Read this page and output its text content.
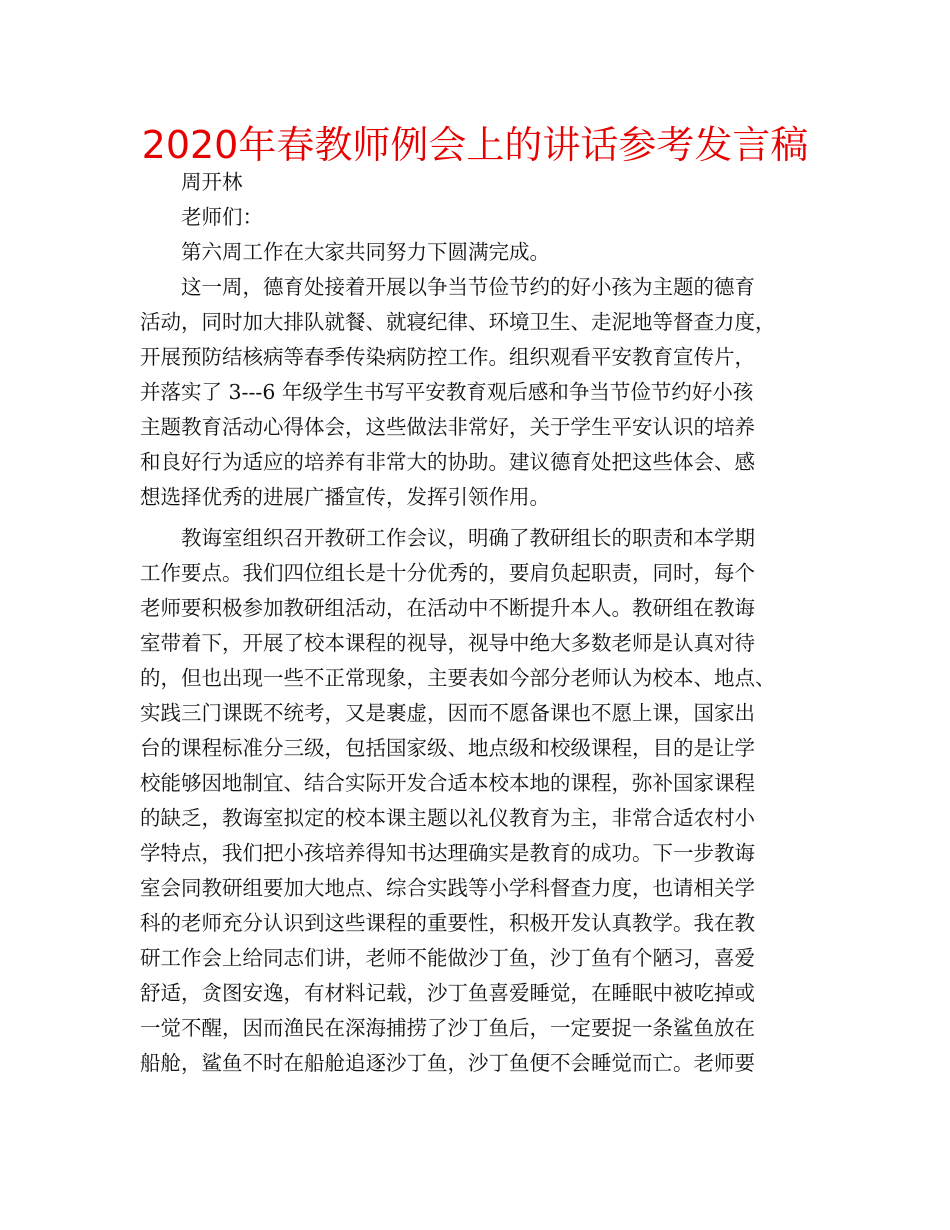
2020年春教师例会上的讲话参考发言稿

周开林

老师们：

第六周工作在大家共同努力下圆满完成。

这一周，德育处接着开展以争当节俭节约的好小孩为主题的德育
活动，同时加大排队就餐、就寝纪律、环境卫生、走泥地等督查力度，
开展预防结核病等春季传染病防控工作。组织观看平安教育宣传片，
并落实了 3---6 年级学生书写平安教育观后感和争当节俭节约好小孩
主题教育活动心得体会，这些做法非常好，关于学生平安认识的培养
和良好行为适应的培养有非常大的协助。建议德育处把这些体会、感
想选择优秀的进展广播宣传，发挥引领作用。

教诲室组织召开教研工作会议，明确了教研组长的职责和本学期
工作要点。我们四位组长是十分优秀的，要肩负起职责，同时，每个
老师要积极参加教研组活动，在活动中不断提升本人。教研组在教诲
室带着下，开展了校本课程的视导，视导中绝大多数老师是认真对待
的，但也出现一些不正常现象，主要表如今部分老师认为校本、地点、
实践三门课既不统考，又是裹虚，因而不愿备课也不愿上课，国家出
台的课程标准分三级，包括国家级、地点级和校级课程，目的是让学
校能够因地制宜、结合实际开发合适本校本地的课程，弥补国家课程
的缺乏，教诲室拟定的校本课主题以礼仪教育为主，非常合适农村小
学特点，我们把小孩培养得知书达理确实是教育的成功。下一步教诲
室会同教研组要加大地点、综合实践等小学科督查力度，也请相关学
科的老师充分认识到这些课程的重要性，积极开发认真教学。我在教
研工作会上给同志们讲，老师不能做沙丁鱼，沙丁鱼有个陋习，喜爱
舒适，贪图安逸，有材料记载，沙丁鱼喜爱睡觉，在睡眠中被吃掉或
一觉不醒，因而渔民在深海捕捞了沙丁鱼后，一定要捉一条鲨鱼放在
船舱，鲨鱼不时在船舱追逐沙丁鱼，沙丁鱼便不会睡觉而亡。老师要
